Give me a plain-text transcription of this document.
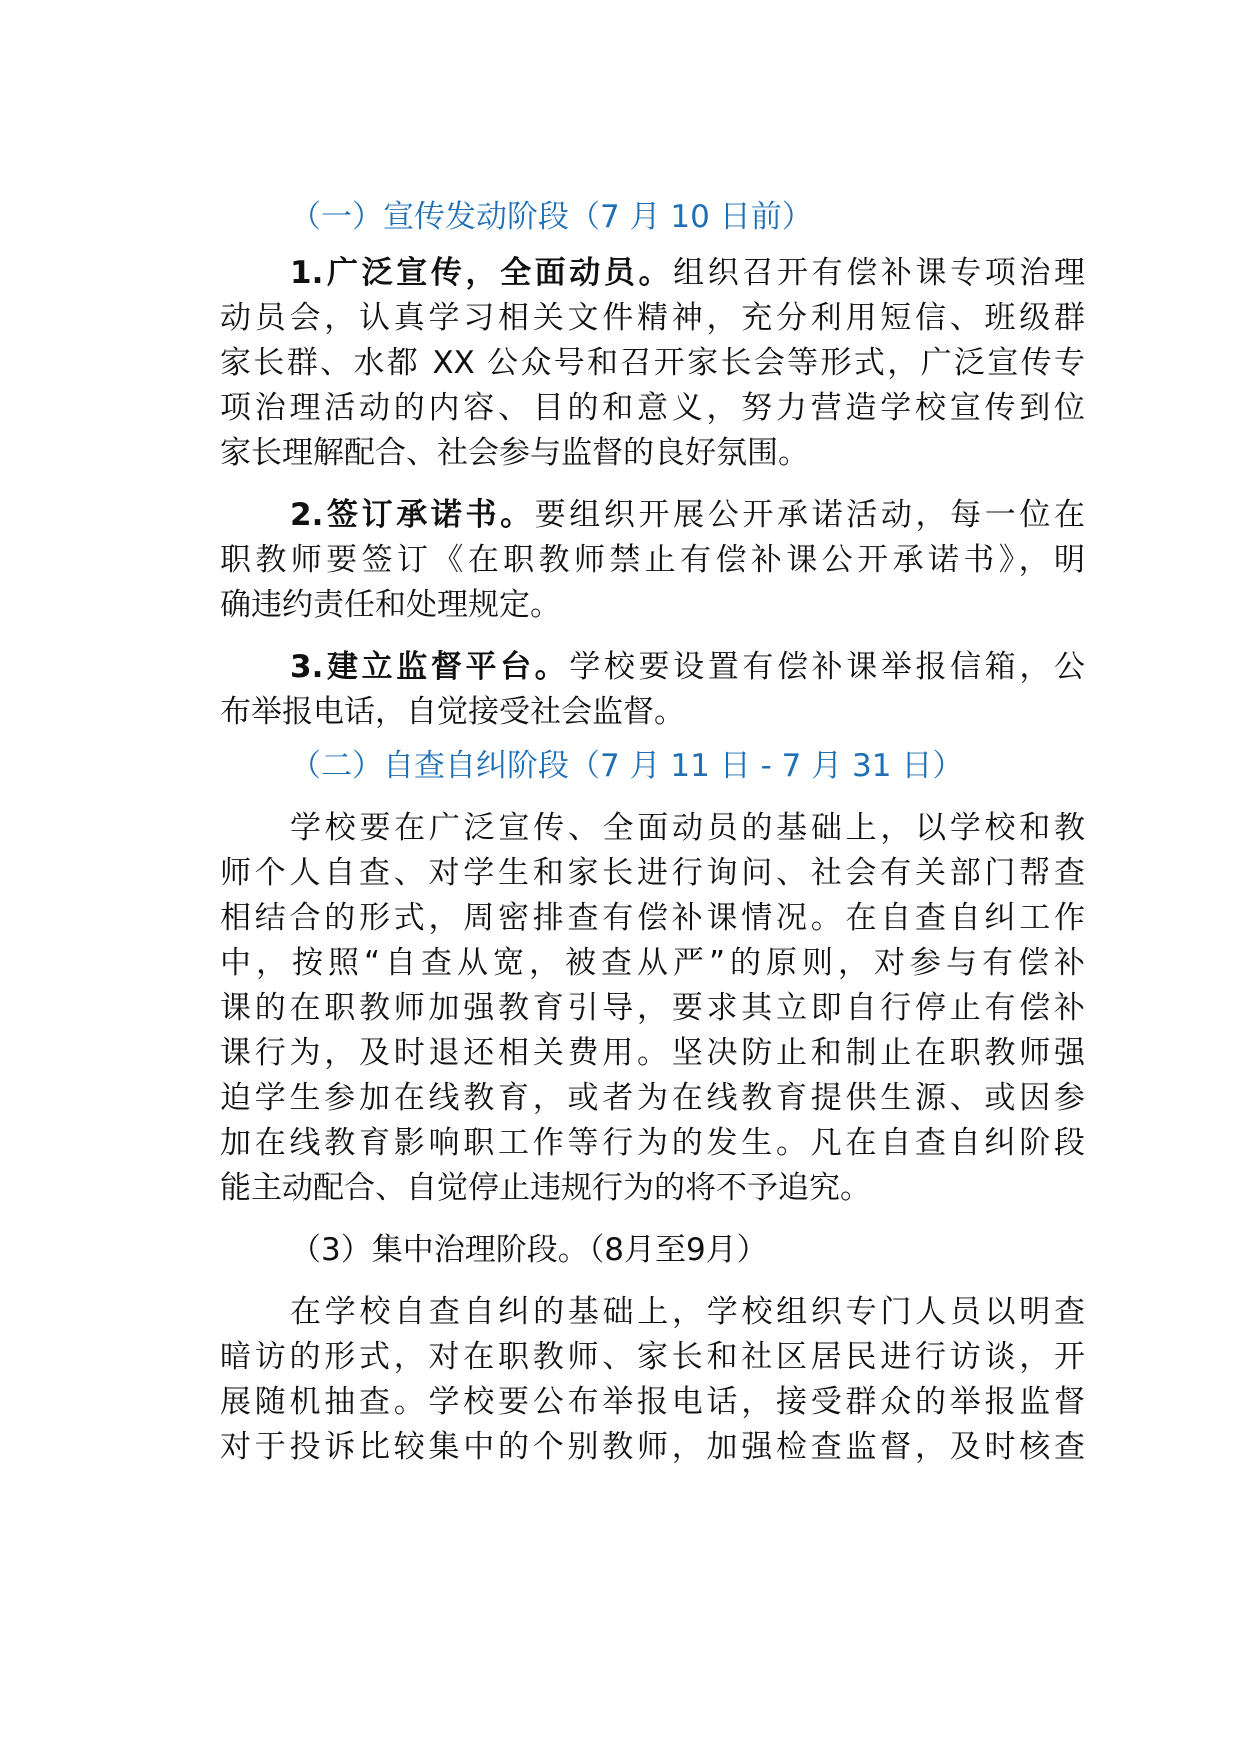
（一）宣传发动阶段（7 月 10 日前）

1.广泛宣传，全面动员。组织召开有偿补课专项治理

动员会，认真学习相关文件精神，充分利用短信、班级群

家长群、水都 XX 公众号和召开家长会等形式，广泛宣传专

项治理活动的内容、目的和意义，努力营造学校宣传到位

家长理解配合、社会参与监督的良好氛围。

2.签订承诺书。要组织开展公开承诺活动，每一位在

职教师要签订《在职教师禁止有偿补课公开承诺书》，明

确违约责任和处理规定。

3.建立监督平台。学校要设置有偿补课举报信箱，公

布举报电话，自觉接受社会监督。

（二）自查自纠阶段（7 月 11 日 - 7 月 31 日）

学校要在广泛宣传、全面动员的基础上，以学校和教

师个人自查、对学生和家长进行询问、社会有关部门帮查

相结合的形式，周密排查有偿补课情况。在自查自纠工作

中，按照“自查从宽，被查从严”的原则，对参与有偿补

课的在职教师加强教育引导，要求其立即自行停止有偿补

课行为，及时退还相关费用。坚决防止和制止在职教师强

迫学生参加在线教育，或者为在线教育提供生源、或因参

加在线教育影响职工作等行为的发生。凡在自查自纠阶段

能主动配合、自觉停止违规行为的将不予追究。

（3）集中治理阶段。（8月至9月）

在学校自查自纠的基础上，学校组织专门人员以明查

暗访的形式，对在职教师、家长和社区居民进行访谈，开

展随机抽查。学校要公布举报电话，接受群众的举报监督

对于投诉比较集中的个别教师，加强检查监督，及时核查
